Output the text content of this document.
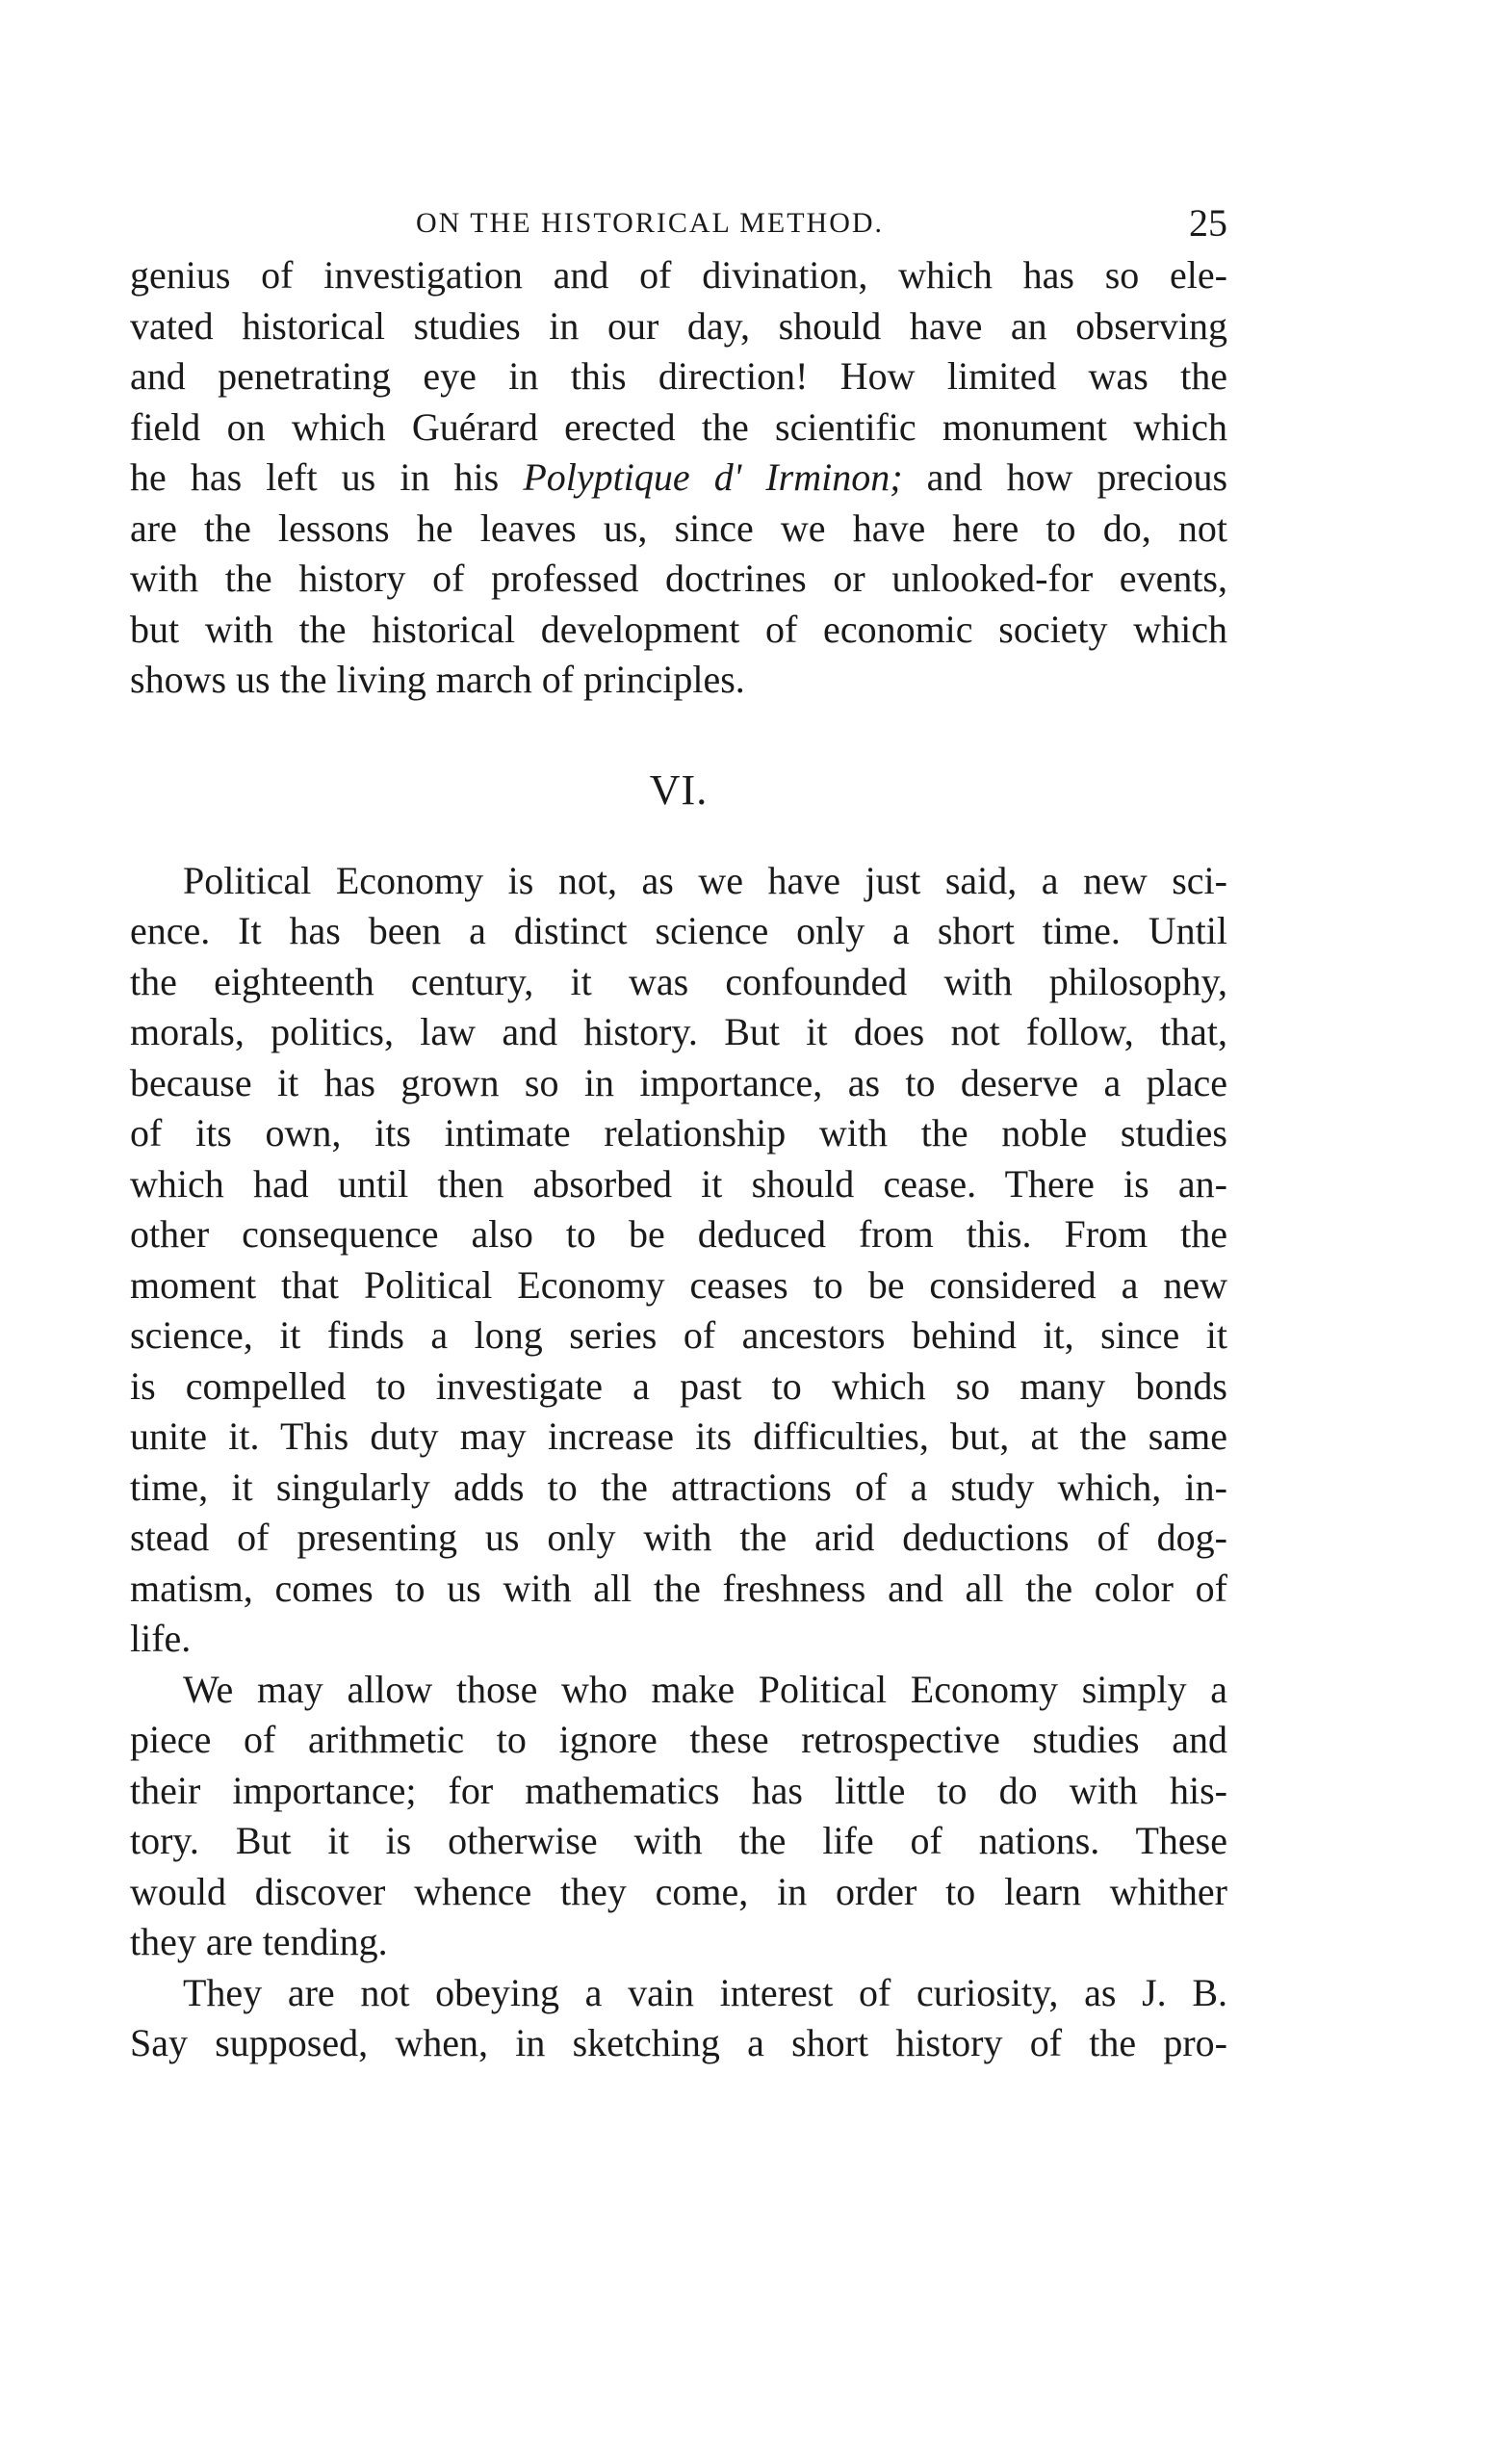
ON THE HISTORICAL METHOD.	25

genius of investigation and of divination, which has so ele-
vated historical studies in our day, should have an observing
and penetrating eye in this direction! How limited was the
field on which Guérard erected the scientific monument which
he has left us in his Polyptique d' Irminon; and how precious
are the lessons he leaves us, since we have here to do, not
with the history of professed doctrines or unlooked-for events,
but with the historical development of economic society which
shows us the living march of principles.

VI.

Political Economy is not, as we have just said, a new sci-
ence. It has been a distinct science only a short time. Until
the eighteenth century, it was confounded with philosophy,
morals, politics, law and history. But it does not follow, that,
because it has grown so in importance, as to deserve a place
of its own, its intimate relationship with the noble studies
which had until then absorbed it should cease. There is an-
other consequence also to be deduced from this. From the
moment that Political Economy ceases to be considered a new
science, it finds a long series of ancestors behind it, since it
is compelled to investigate a past to which so many bonds
unite it. This duty may increase its difficulties, but, at the same
time, it singularly adds to the attractions of a study which, in-
stead of presenting us only with the arid deductions of dog-
matism, comes to us with all the freshness and all the color of
life.

We may allow those who make Political Economy simply a
piece of arithmetic to ignore these retrospective studies and
their importance; for mathematics has little to do with his-
tory. But it is otherwise with the life of nations. These
would discover whence they come, in order to learn whither
they are tending.

They are not obeying a vain interest of curiosity, as J. B.
Say supposed, when, in sketching a short history of the pro-
